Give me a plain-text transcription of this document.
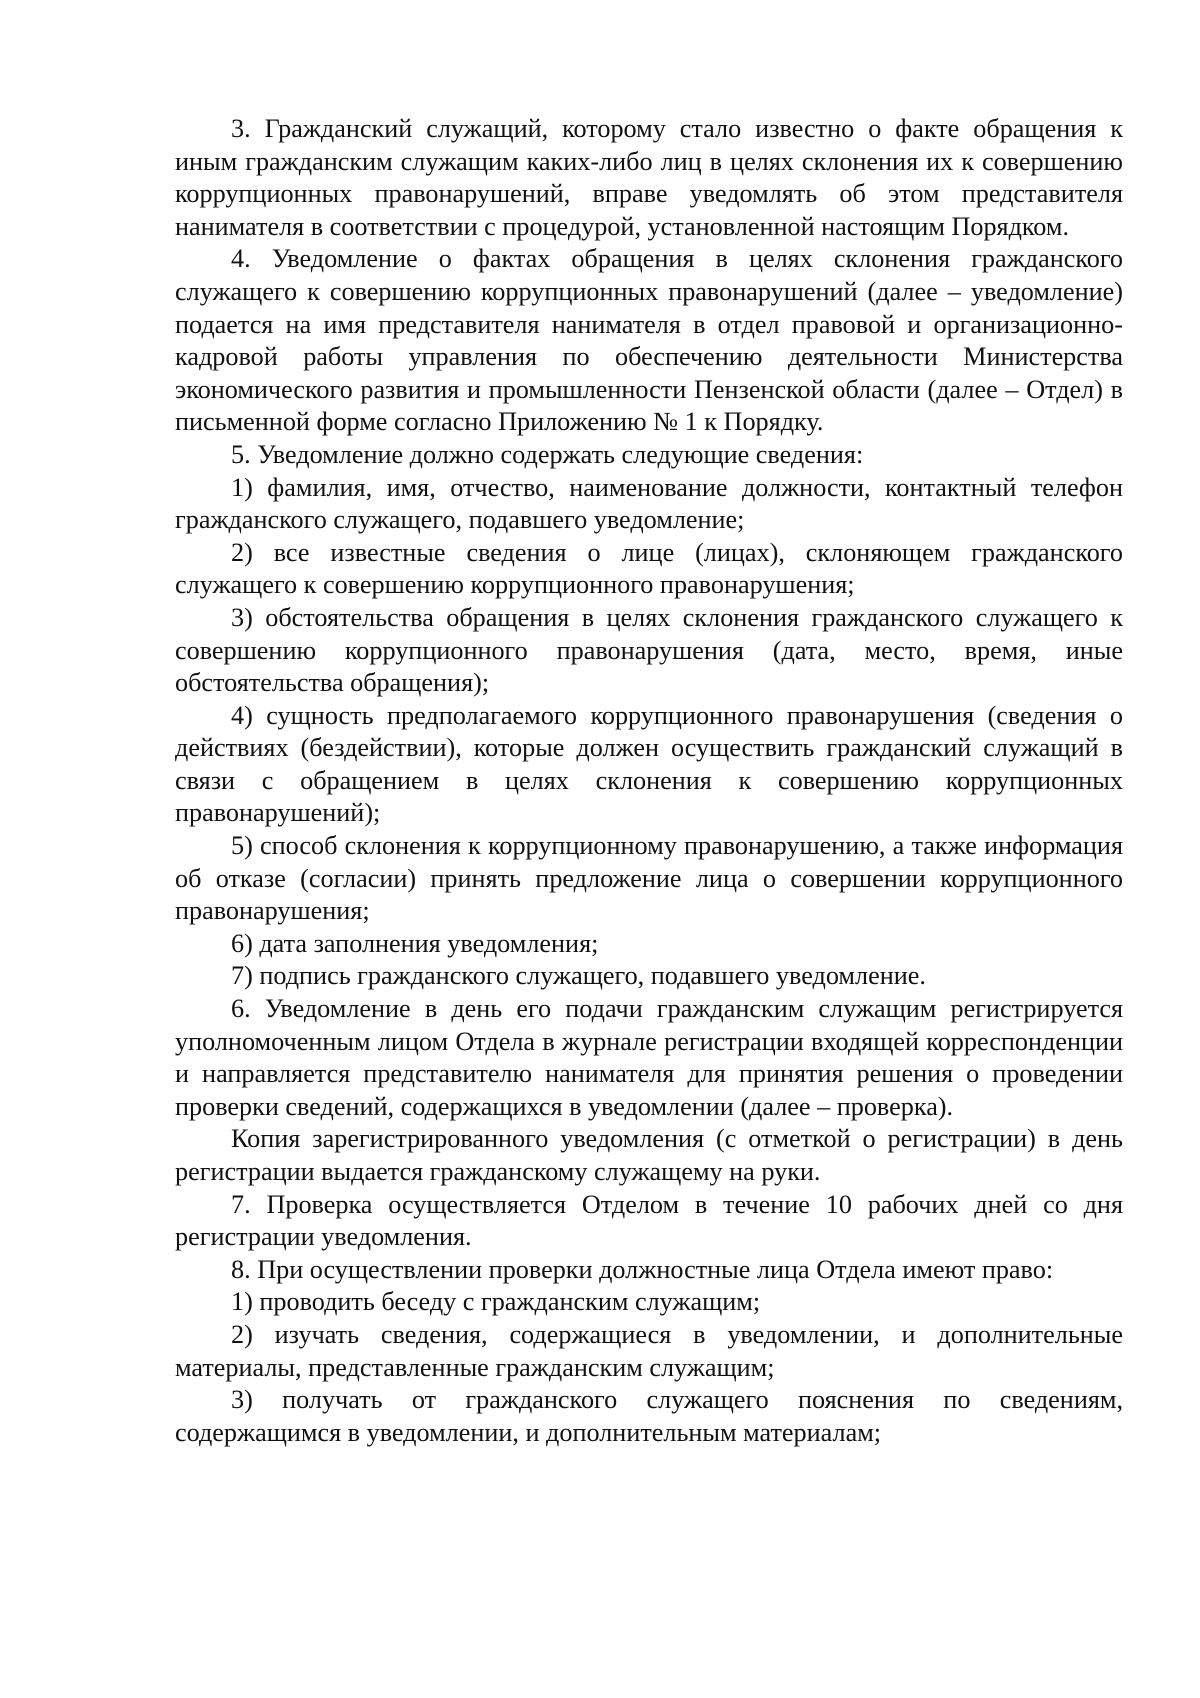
3. Гражданский служащий, которому стало известно о факте обращения к иным гражданским служащим каких-либо лиц в целях склонения их к совершению коррупционных правонарушений, вправе уведомлять об этом представителя нанимателя в соответствии с процедурой, установленной настоящим Порядком.

4. Уведомление о фактах обращения в целях склонения гражданского служащего к совершению коррупционных правонарушений (далее – уведомление) подается на имя представителя нанимателя в отдел правовой и организационно-кадровой работы управления по обеспечению деятельности Министерства экономического развития и промышленности Пензенской области (далее – Отдел) в письменной форме согласно Приложению № 1 к Порядку.

5. Уведомление должно содержать следующие сведения:

1) фамилия, имя, отчество, наименование должности, контактный телефон гражданского служащего, подавшего уведомление;

2) все известные сведения о лице (лицах), склоняющем гражданского служащего к совершению коррупционного правонарушения;

3) обстоятельства обращения в целях склонения гражданского служащего к совершению коррупционного правонарушения (дата, место, время, иные обстоятельства обращения);

4) сущность предполагаемого коррупционного правонарушения (сведения о действиях (бездействии), которые должен осуществить гражданский служащий в связи с обращением в целях склонения к совершению коррупционных правонарушений);

5) способ склонения к коррупционному правонарушению, а также информация об отказе (согласии) принять предложение лица о совершении коррупционного правонарушения;

6) дата заполнения уведомления;

7) подпись гражданского служащего, подавшего уведомление.

6. Уведомление в день его подачи гражданским служащим регистрируется уполномоченным лицом Отдела в журнале регистрации входящей корреспонденции и направляется представителю нанимателя для принятия решения о проведении проверки сведений, содержащихся в уведомлении (далее – проверка).

Копия зарегистрированного уведомления (с отметкой о регистрации) в день регистрации выдается гражданскому служащему на руки.

7. Проверка осуществляется Отделом в течение 10 рабочих дней со дня регистрации уведомления.

8. При осуществлении проверки должностные лица Отдела имеют право:

1) проводить беседу с гражданским служащим;

2) изучать сведения, содержащиеся в уведомлении, и дополнительные материалы, представленные гражданским служащим;

3) получать от гражданского служащего пояснения по сведениям, содержащимся в уведомлении, и дополнительным материалам;
